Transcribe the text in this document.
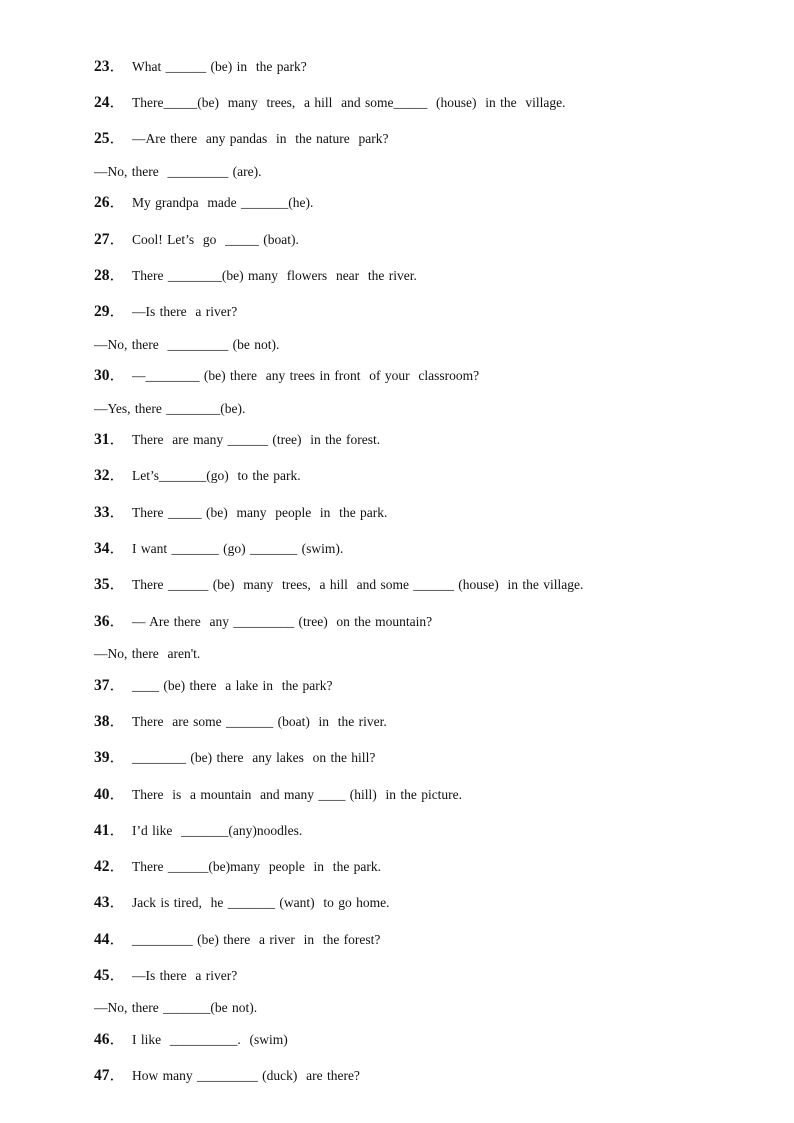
23． What ______ (be) in  the park?
24． There_____(be)  many  trees,  a hill  and some_____  (house)  in the  village.
25． —Are there  any pandas  in  the nature  park?
—No, there  _________ (are).
26． My grandpa  made _______(he).
27． Cool! Let’s  go  _____ (boat).
28． There ________(be) many  flowers  near  the river.
29． —Is there  a river?
—No, there  _________ (be not).
30． —________ (be) there  any trees in front  of your  classroom?
—Yes, there ________(be).
31． There  are many ______ (tree)  in the forest.
32． Let’s_______(go)  to the park.
33． There _____ (be)  many  people  in  the park.
34． I want _______ (go) _______ (swim).
35． There ______ (be)  many  trees,  a hill  and some ______ (house)  in the village.
36． — Are there  any _________ (tree)  on the mountain?
—No, there  aren't.
37． ____ (be) there  a lake in  the park?
38． There  are some _______ (boat)  in  the river.
39． ________ (be) there  any lakes  on the hill?
40． There  is  a mountain  and many ____ (hill)  in the picture.
41． I’d like  _______(any)noodles.
42． There ______(be)many  people  in  the park.
43． Jack is tired,  he _______ (want)  to go home.
44． _________ (be) there  a river  in  the forest?
45． —Is there  a river?
—No, there _______(be not).
46． I like  __________.  (swim)
47． How many _________ (duck)  are there?
